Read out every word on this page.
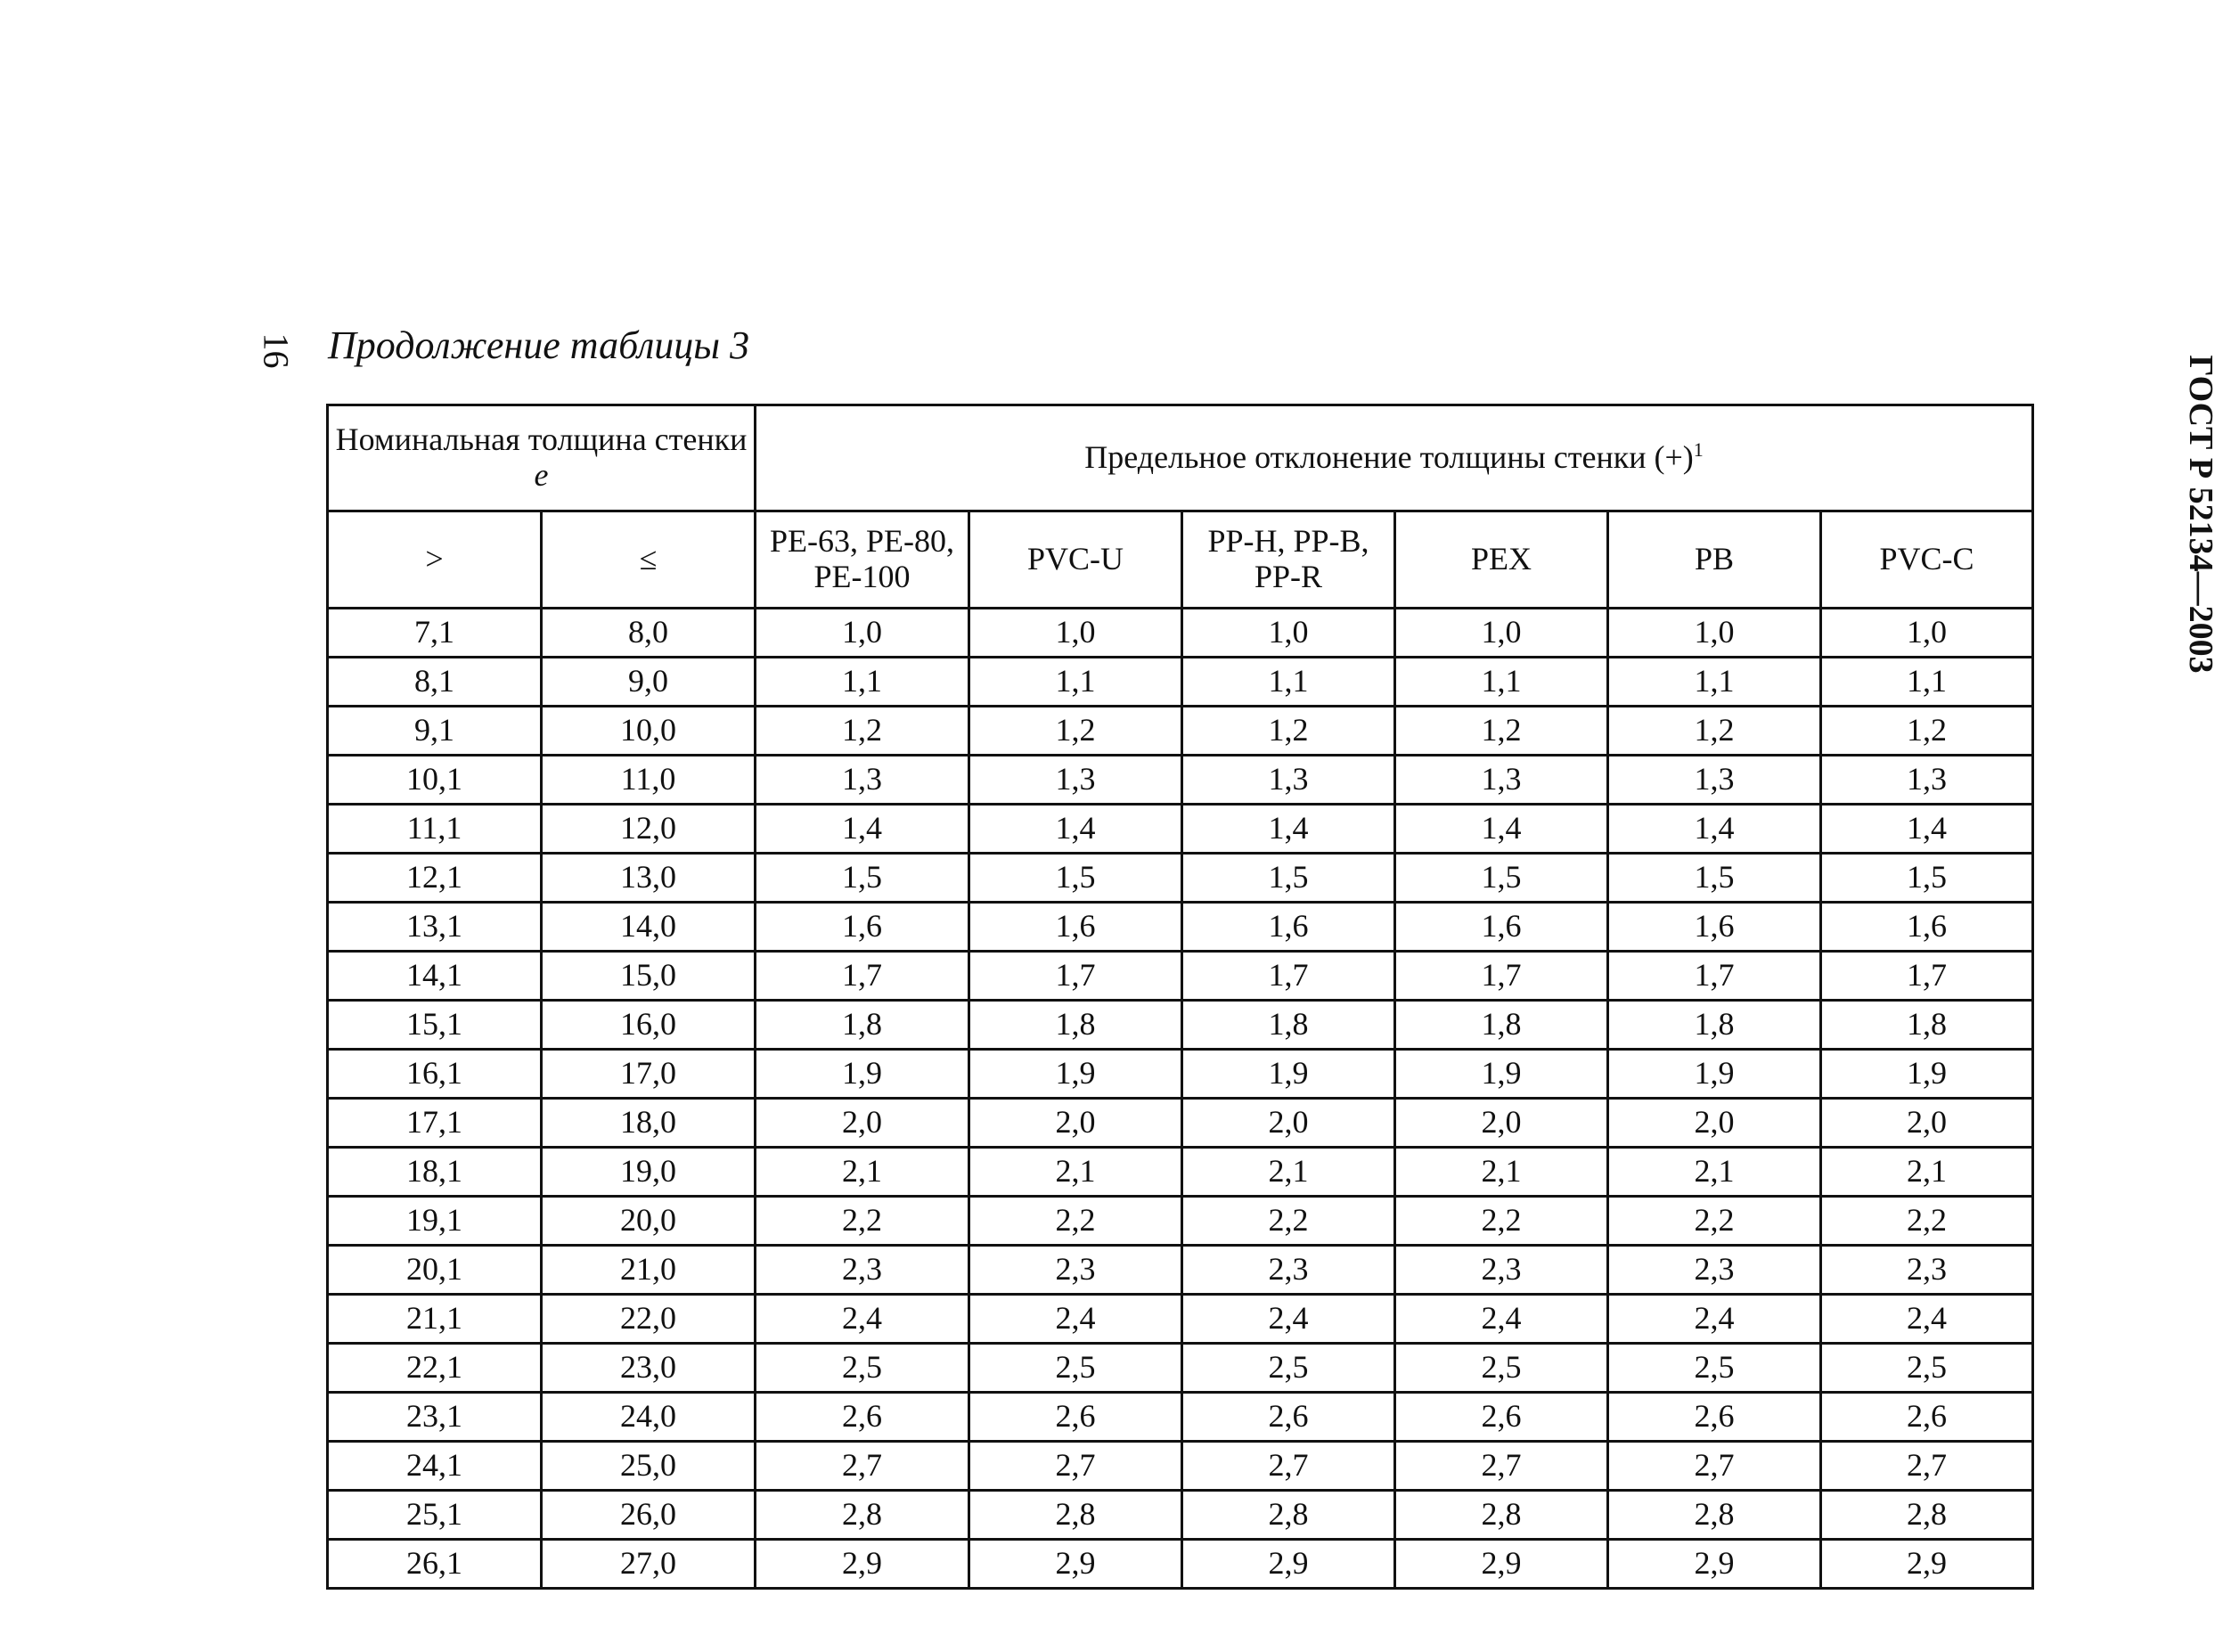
16 Продолжение таблицы 3
ГОСТ Р 52134—2003
Номинальная толщина стенки e		Предельное отклонение толщины стенки $(+)^1$
>	≤	PE-63, PE-80, PE-100	PVC-U	PP-H, PP-B, PP-R	PEX	PB	PVC-C
7,1	8,0	1,0	1,0	1,0	1,0	1,0	1,0
8,1	9,0	1,1	1,1	1,1	1,1	1,1	1,1
9,1	10,0	1,2	1,2	1,2	1,2	1,2	1,2
10,1	11,0	1,3	1,3	1,3	1,3	1,3	1,3
11,1	12,0	1,4	1,4	1,4	1,4	1,4	1,4
12,1	13,0	1,5	1,5	1,5	1,5	1,5	1,5
13,1	14,0	1,6	1,6	1,6	1,6	1,6	1,6
14,1	15,0	1,7	1,7	1,7	1,7	1,7	1,7
15,1	16,0	1,8	1,8	1,8	1,8	1,8	1,8
16,1	17,0	1,9	1,9	1,9	1,9	1,9	1,9
17,1	18,0	2,0	2,0	2,0	2,0	2,0	2,0
18,1	19,0	2,1	2,1	2,1	2,1	2,1	2,1
19,1	20,0	2,2	2,2	2,2	2,2	2,2	2,2
20,1	21,0	2,3	2,3	2,3	2,3	2,3	2,3
21,1	22,0	2,4	2,4	2,4	2,4	2,4	2,4
22,1	23,0	2,5	2,5	2,5	2,5	2,5	2,5
23,1	24,0	2,6	2,6	2,6	2,6	2,6	2,6
24,1	25,0	2,7	2,7	2,7	2,7	2,7	2,7
25,1	26,0	2,8	2,8	2,8	2,8	2,8	2,8
26,1	27,0	2,9	2,9	2,9	2,9	2,9	2,9
